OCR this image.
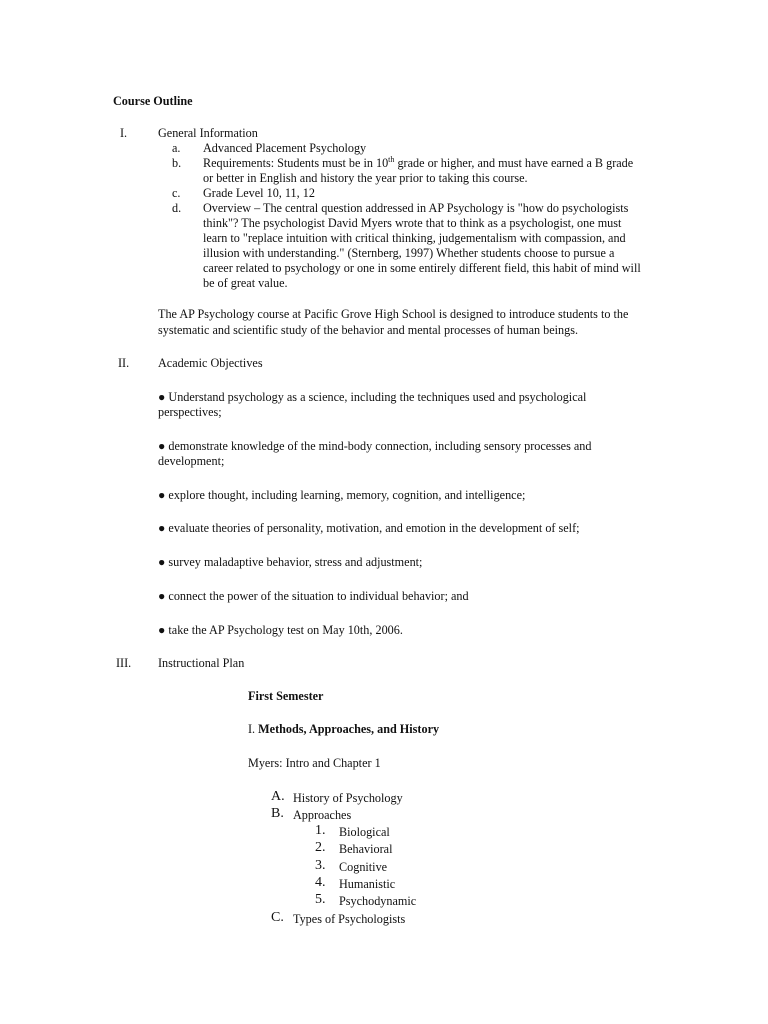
Course Outline
I.	General Information
a. Advanced Placement Psychology
b. Requirements: Students must be in 10th grade or higher, and must have earned a B grade
or better in English and history the year prior to taking this course.
c. Grade Level 10, 11, 12
d. Overview – The central question addressed in AP Psychology is "how do psychologists
think"? The psychologist David Myers wrote that to think as a psychologist, one must
learn to "replace intuition with critical thinking, judgementalism with compassion, and
illusion with understanding." (Sternberg, 1997) Whether students choose to pursue a
career related to psychology or one in some entirely different field, this habit of mind will
be of great value.
The AP Psychology course at Pacific Grove High School is designed to introduce students to the
systematic and scientific study of the behavior and mental processes of human beings.
II. Academic Objectives
● Understand psychology as a science, including the techniques used and psychological
perspectives;
● demonstrate knowledge of the mind-body connection, including sensory processes and
development;
● explore thought, including learning, memory, cognition, and intelligence;
● evaluate theories of personality, motivation, and emotion in the development of self;
● survey maladaptive behavior, stress and adjustment;
● connect the power of the situation to individual behavior; and
● take the AP Psychology test on May 10th, 2006.
III. Instructional Plan
First Semester
I. Methods, Approaches, and History
Myers: Intro and Chapter 1
A. History of Psychology
B. Approaches
1. Biological
2. Behavioral
3. Cognitive
4. Humanistic
5. Psychodynamic
C. Types of Psychologists
